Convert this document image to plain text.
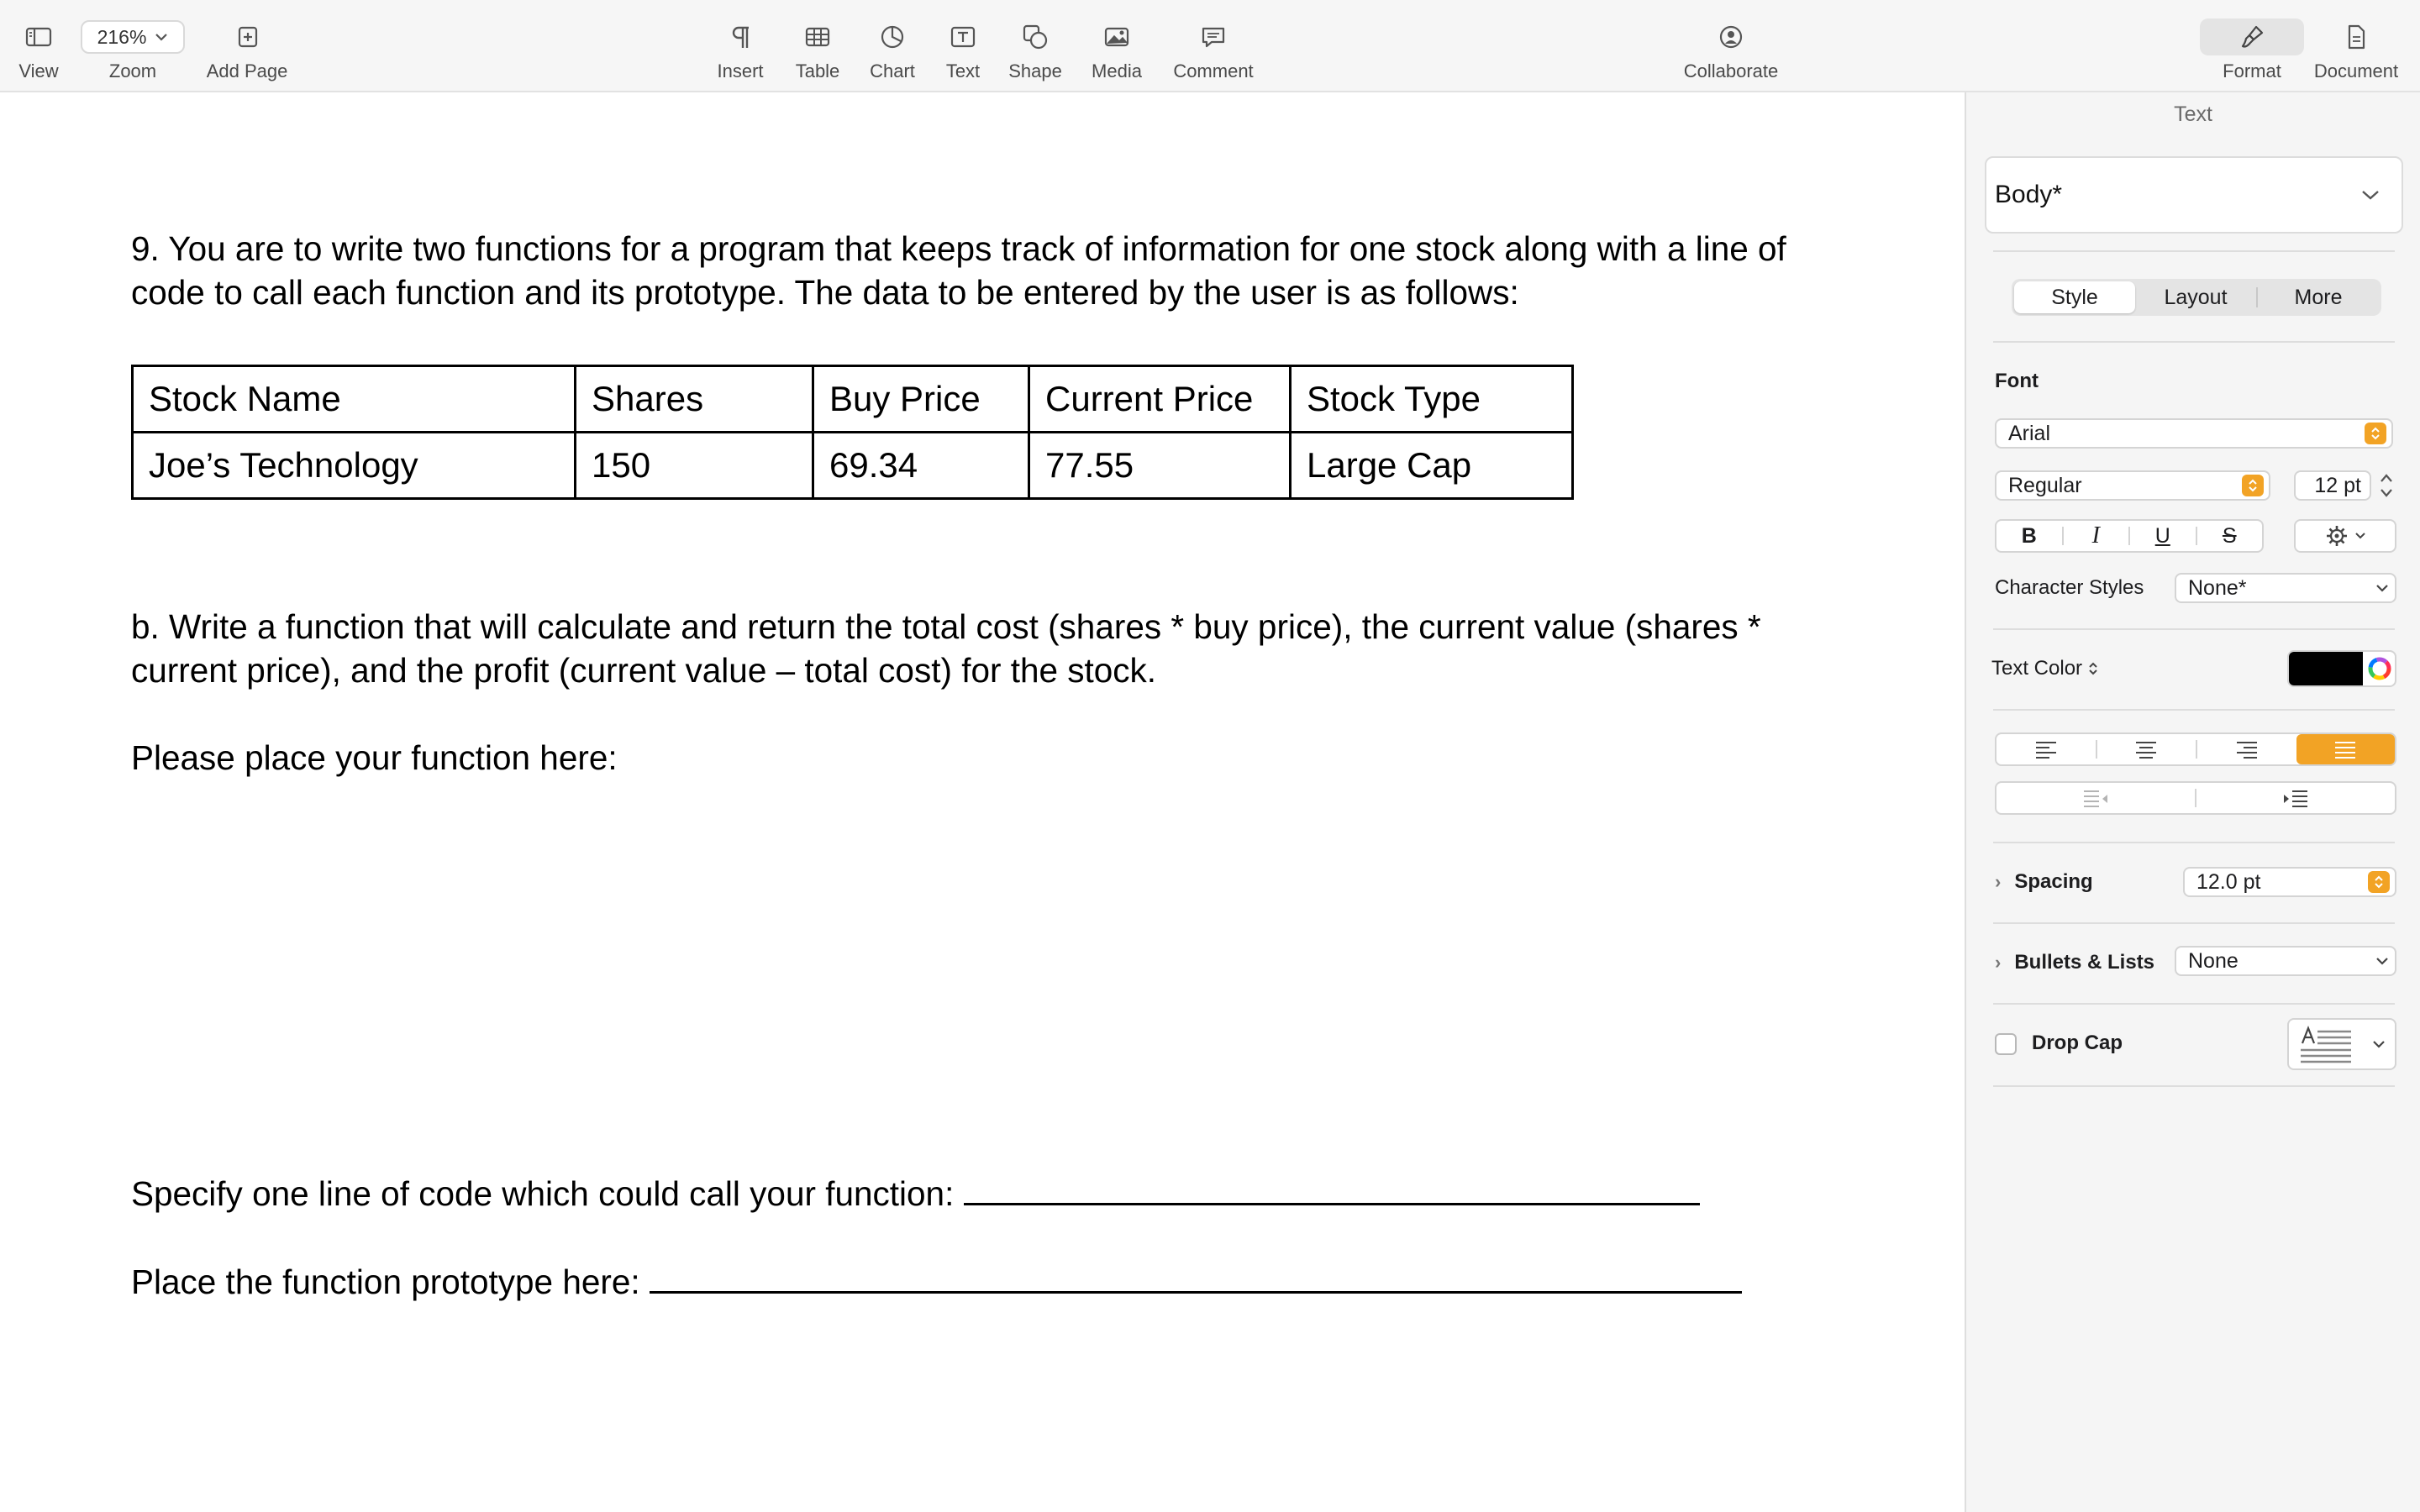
View
216%
Zoom	Add Page	Insert Table Chart Text Shape Media Comment	Collaborate	Format Document
9. You are to write two functions for a program that keeps track of information for one stock along with a line of code to call each function and its prototype. The data to be entered by the user is as follows:
Stock Name	Shares	Buy Price	Current Price	Stock Type
Joe’s Technology	150	69.34	77.55	Large Cap
b. Write a function that will calculate and return the total cost (shares * buy price), the current value (shares * current price), and the profit (current value – total cost) for the stock.
Please place your function here:
Specify one line of code which could call your function:
Place the function prototype here:
Text
Body*
Style	Layout	More
Font
Arial
Regular	12 pt
B	I	U	S
Character Styles None*
Text Color
› Spacing	12.0 pt
› Bullets & Lists None
Drop Cap
